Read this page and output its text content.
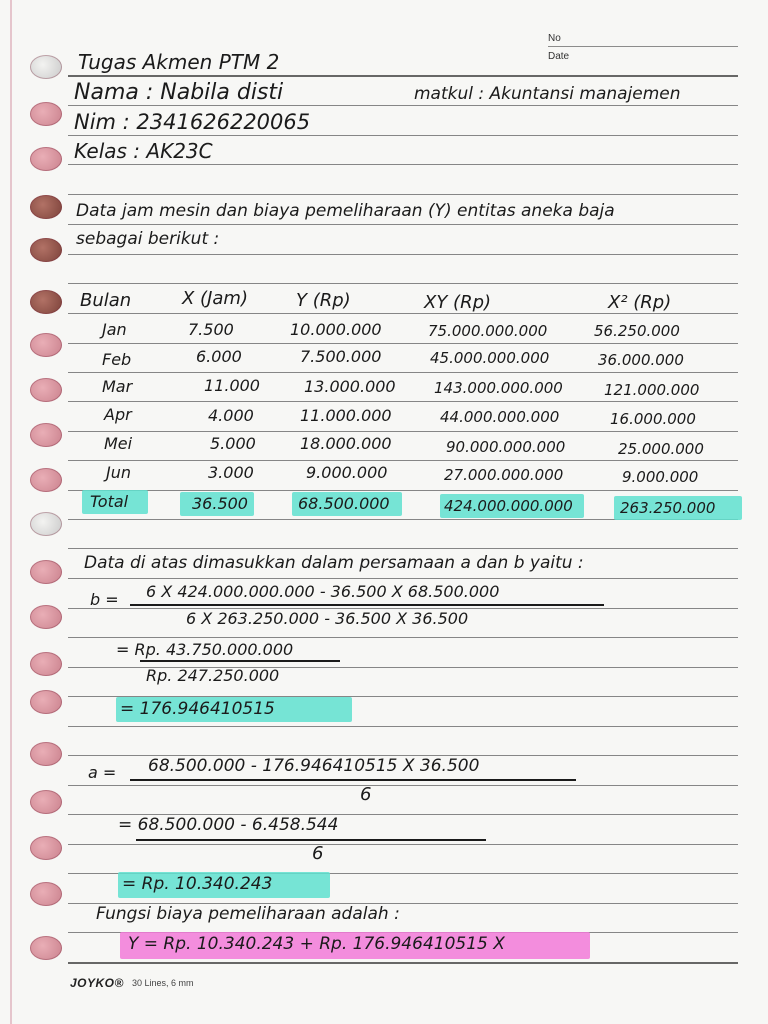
No
Date
Tugas Akmen PTM 2
Nama : Nabila disti	matkul : Akuntansi manajemen
Nim : 2341626220065
Kelas : AK23C
Data jam mesin dan biaya pemeliharaan (Y) entitas aneka baja
sebagai berikut :
Bulan	X (Jam)	Y (Rp)	XY (Rp)	X² (Rp)
Jan	7.500	10.000.000	75.000.000.000	56.250.000
Feb	6.000	7.500.000	45.000.000.000	36.000.000
Mar	11.000	13.000.000	143.000.000.000	121.000.000
Apr	4.000	11.000.000	44.000.000.000	16.000.000
Mei	5.000	18.000.000	90.000.000.000	25.000.000
Jun	3.000	9.000.000	27.000.000.000	9.000.000
Total	36.500	68.500.000	424.000.000.000	263.250.000
Data di atas dimasukkan dalam persamaan a dan b yaitu :
b = 6 X 424.000.000.000 - 36.500 X 68.500.000
6 X 263.250.000 - 36.500 X 36.500
= Rp. 43.750.000.000
Rp. 247.250.000
= 176.946410515
a = 68.500.000 - 176.946410515 X 36.500
6
= 68.500.000 - 6.458.544
6
= Rp. 10.340.243
Fungsi biaya pemeliharaan adalah :
Y = Rp. 10.340.243 + Rp. 176.946410515 X
JOYKO® 30 Lines, 6 mm
